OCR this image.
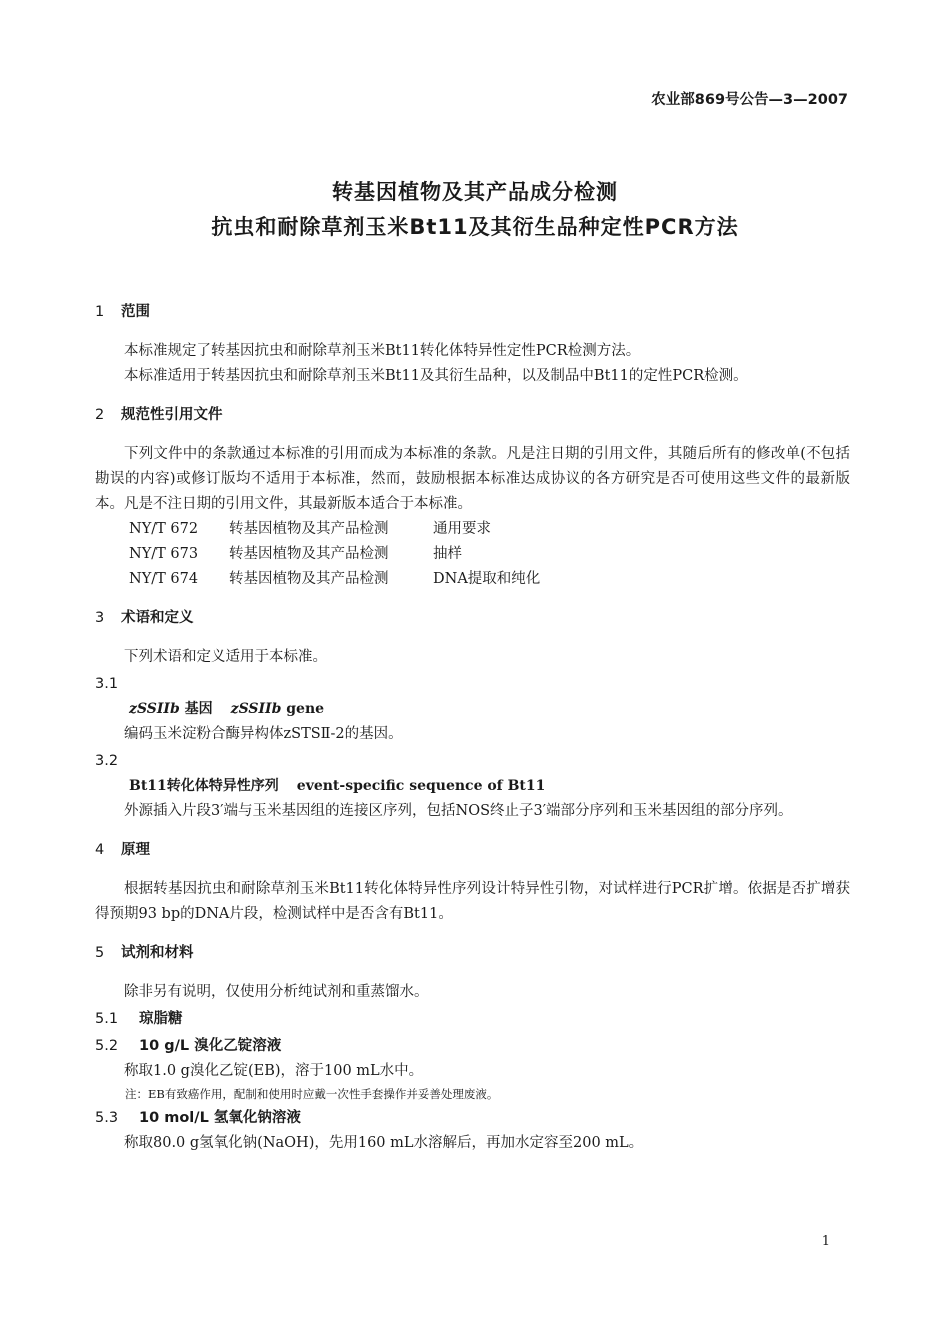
农业部869号公告—3—2007
转基因植物及其产品成分检测
抗虫和耐除草剂玉米Bt11及其衍生品种定性PCR方法
1 范围

本标准规定了转基因抗虫和耐除草剂玉米Bt11转化体特异性定性PCR检测方法。

本标准适用于转基因抗虫和耐除草剂玉米Bt11及其衍生品种，以及制品中Bt11的定性PCR检测。

2 规范性引用文件

下列文件中的条款通过本标准的引用而成为本标准的条款。凡是注日期的引用文件，其随后所有的修改单(不包括勘误的内容)或修订版均不适用于本标准，然而，鼓励根据本标准达成协议的各方研究是否可使用这些文件的最新版本。凡是不注日期的引用文件，其最新版本适合于本标准。

NY/T 672 转基因植物及其产品检测	通用要求
NY/T 673 转基因植物及其产品检测	抽样
NY/T 674 转基因植物及其产品检测	DNA提取和纯化
3 术语和定义

下列术语和定义适用于本标准。

3.1
zSSIIb 基因 zSSIIb gene

编码玉米淀粉合酶异构体zSTSⅡ-2的基因。

3.2
Bt11转化体特异性序列 event-specific sequence of Bt11

外源插入片段3′端与玉米基因组的连接区序列，包括NOS终止子3′端部分序列和玉米基因组的部分序列。

4 原理

根据转基因抗虫和耐除草剂玉米Bt11转化体特异性序列设计特异性引物，对试样进行PCR扩增。依据是否扩增获得预期93 bp的DNA片段，检测试样中是否含有Bt11。

5 试剂和材料

除非另有说明，仅使用分析纯试剂和重蒸馏水。

5.1 琼脂糖
5.2 10 g/L 溴化乙锭溶液

称取1.0 g溴化乙锭(EB)，溶于100 mL水中。

注：EB有致癌作用，配制和使用时应戴一次性手套操作并妥善处理废液。
5.3 10 mol/L 氢氧化钠溶液

称取80.0 g氢氧化钠(NaOH)，先用160 mL水溶解后，再加水定容至200 mL。

1
